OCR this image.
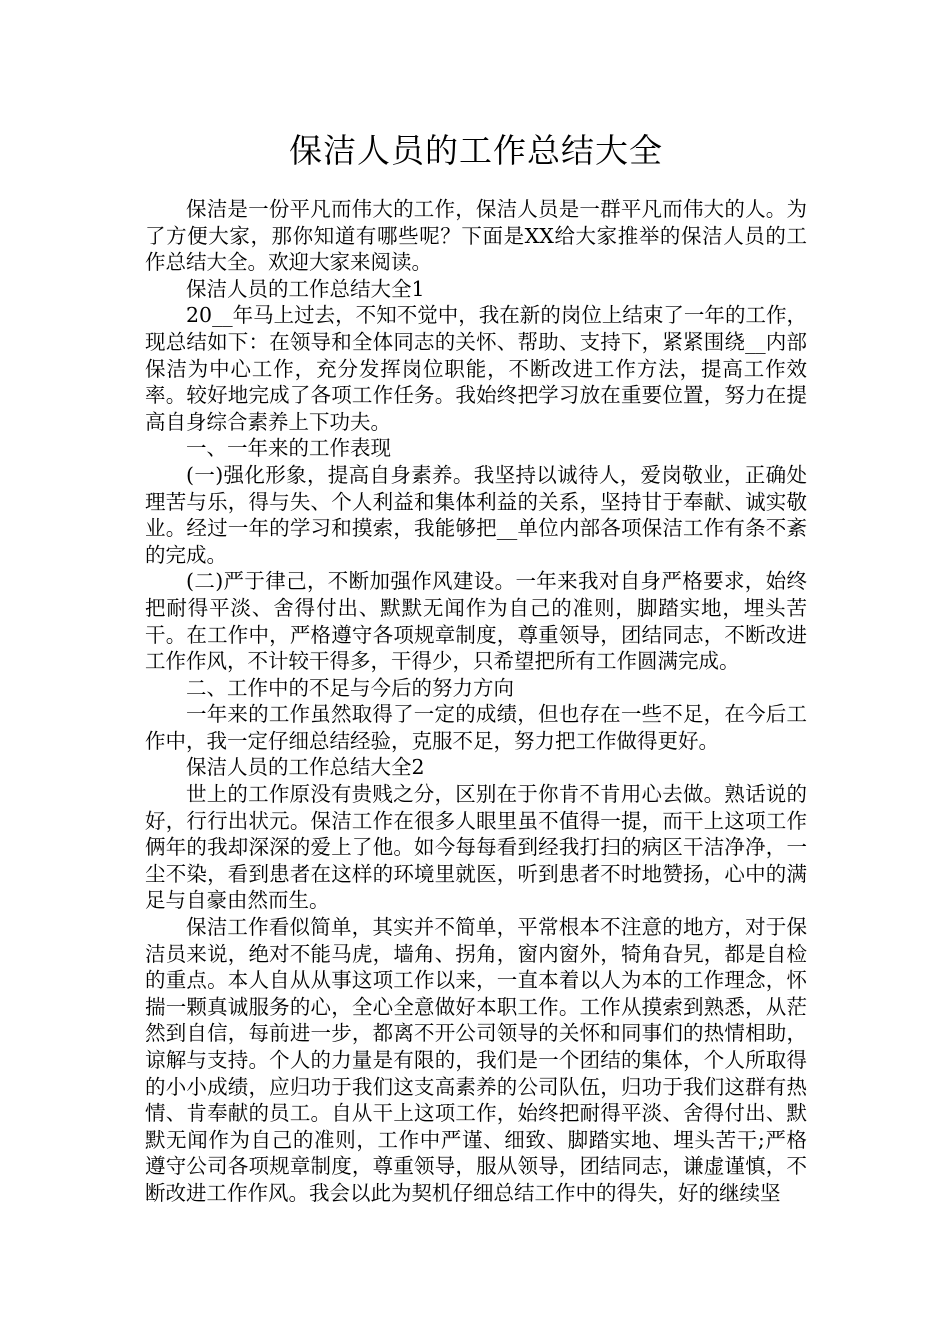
保洁人员的工作总结大全

保洁是一份平凡而伟大的工作，保洁人员是一群平凡而伟大的人。为了方便大家，那你知道有哪些呢？下面是XX给大家推举的保洁人员的工作总结大全。欢迎大家来阅读。

保洁人员的工作总结大全1

20__年马上过去，不知不觉中，我在新的岗位上结束了一年的工作，现总结如下：在领导和全体同志的关怀、帮助、支持下，紧紧围绕__内部保洁为中心工作，充分发挥岗位职能，不断改进工作方法，提高工作效率。较好地完成了各项工作任务。我始终把学习放在重要位置，努力在提高自身综合素养上下功夫。

一、一年来的工作表现

(一)强化形象，提高自身素养。我坚持以诚待人，爱岗敬业，正确处理苦与乐，得与失、个人利益和集体利益的关系，坚持甘于奉献、诚实敬业。经过一年的学习和摸索，我能够把__单位内部各项保洁工作有条不紊的完成。

(二)严于律己，不断加强作风建设。一年来我对自身严格要求，始终把耐得平淡、舍得付出、默默无闻作为自己的准则，脚踏实地，埋头苦干。在工作中，严格遵守各项规章制度，尊重领导，团结同志，不断改进工作作风，不计较干得多，干得少，只希望把所有工作圆满完成。

二、工作中的不足与今后的努力方向

一年来的工作虽然取得了一定的成绩，但也存在一些不足，在今后工作中，我一定仔细总结经验，克服不足，努力把工作做得更好。

保洁人员的工作总结大全2

世上的工作原没有贵贱之分，区别在于你肯不肯用心去做。熟话说的好，行行出状元。保洁工作在很多人眼里虽不值得一提，而干上这项工作俩年的我却深深的爱上了他。如今每每看到经我打扫的病区干洁净净，一尘不染，看到患者在这样的环境里就医，听到患者不时地赞扬，心中的满足与自豪由然而生。

保洁工作看似简单，其实并不简单，平常根本不注意的地方，对于保洁员来说，绝对不能马虎，墙角、拐角，窗内窗外，犄角旮旯，都是自检的重点。本人自从从事这项工作以来，一直本着以人为本的工作理念，怀揣一颗真诚服务的心，全心全意做好本职工作。工作从摸索到熟悉，从茫然到自信，每前进一步，都离不开公司领导的关怀和同事们的热情相助，谅解与支持。个人的力量是有限的，我们是一个团结的集体，个人所取得的小小成绩，应归功于我们这支高素养的公司队伍，归功于我们这群有热情、肯奉献的员工。自从干上这项工作，始终把耐得平淡、舍得付出、默默无闻作为自己的准则，工作中严谨、细致、脚踏实地、埋头苦干;严格遵守公司各项规章制度，尊重领导，服从领导，团结同志，谦虚谨慎，不断改进工作作风。我会以此为契机仔细总结工作中的得失，好的继续坚
